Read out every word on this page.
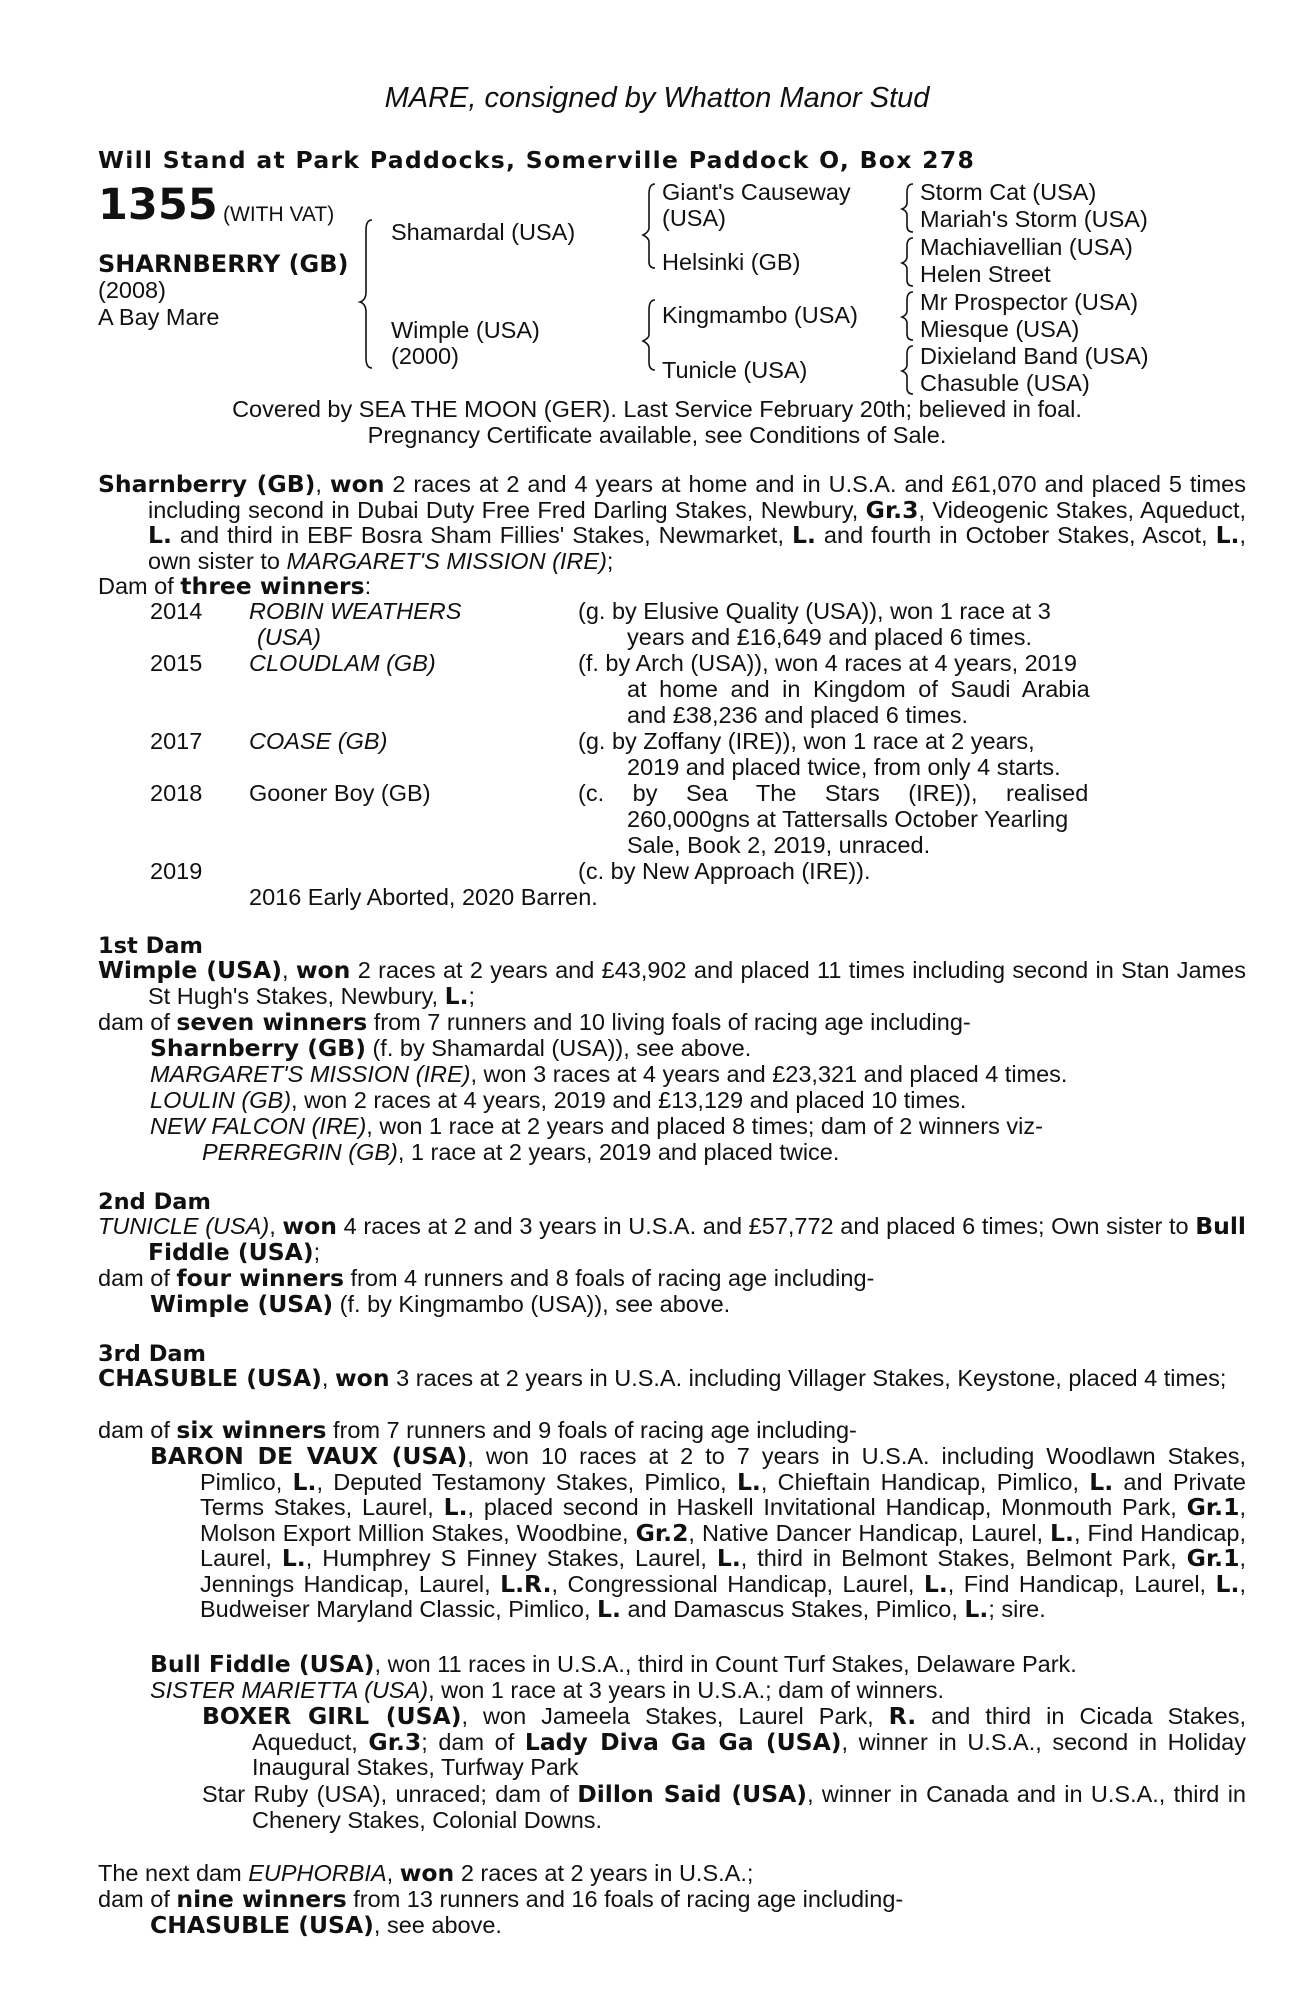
MARE, consigned by Whatton Manor Stud
Will Stand at Park Paddocks, Somerville Paddock O, Box 278
1355 (WITH VAT)
SHARNBERRY (GB)
(2008)
A Bay Mare
Shamardal (USA)
Wimple (USA)
(2000)
Giant's Causeway
(USA)
Helsinki (GB)
Kingmambo (USA)
Tunicle (USA)
Storm Cat (USA)
Mariah's Storm (USA)
Machiavellian (USA)
Helen Street
Mr Prospector (USA)
Miesque (USA)
Dixieland Band (USA)
Chasuble (USA)
Covered by SEA THE MOON (GER). Last Service February 20th; believed in foal.
Pregnancy Certificate available, see Conditions of Sale.
Sharnberry (GB), won 2 races at 2 and 4 years at home and in U.S.A. and £61,070 and placed 5 times including second in Dubai Duty Free Fred Darling Stakes, Newbury, Gr.3, Videogenic Stakes, Aqueduct, L. and third in EBF Bosra Sham Fillies' Stakes, Newmarket, L. and fourth in October Stakes, Ascot, L., own sister to MARGARET'S MISSION (IRE);
Dam of three winners:
2014 ROBIN WEATHERS
(USA)
(g. by Elusive Quality (USA)), won 1 race at 3
years and £16,649 and placed 6 times.
2015 CLOUDLAM (GB)	(f. by Arch (USA)), won 4 races at 4 years, 2019
at home and in Kingdom of Saudi Arabia
and £38,236 and placed 6 times.
2017 COASE (GB)	(g. by Zoffany (IRE)), won 1 race at 2 years,
2019 and placed twice, from only 4 starts.
2018 Gooner Boy (GB)	(c. by Sea The Stars (IRE)), realised
260,000gns at Tattersalls October Yearling
Sale, Book 2, 2019, unraced.
2019	(c. by New Approach (IRE)).
2016 Early Aborted, 2020 Barren.
1st Dam
Wimple (USA), won 2 races at 2 years and £43,902 and placed 11 times including second in Stan James St Hugh's Stakes, Newbury, L.;
dam of seven winners from 7 runners and 10 living foals of racing age including-
Sharnberry (GB) (f. by Shamardal (USA)), see above.
MARGARET'S MISSION (IRE), won 3 races at 4 years and £23,321 and placed 4 times.
LOULIN (GB), won 2 races at 4 years, 2019 and £13,129 and placed 10 times.
NEW FALCON (IRE), won 1 race at 2 years and placed 8 times; dam of 2 winners viz-
PERREGRIN (GB), 1 race at 2 years, 2019 and placed twice.
2nd Dam
TUNICLE (USA), won 4 races at 2 and 3 years in U.S.A. and £57,772 and placed 6 times; Own sister to Bull Fiddle (USA);
dam of four winners from 4 runners and 8 foals of racing age including-
Wimple (USA) (f. by Kingmambo (USA)), see above.
3rd Dam
CHASUBLE (USA), won 3 races at 2 years in U.S.A. including Villager Stakes, Keystone, placed 4 times;
dam of six winners from 7 runners and 9 foals of racing age including-
BARON DE VAUX (USA), won 10 races at 2 to 7 years in U.S.A. including Woodlawn Stakes, Pimlico, L., Deputed Testamony Stakes, Pimlico, L., Chieftain Handicap, Pimlico, L. and Private Terms Stakes, Laurel, L., placed second in Haskell Invitational Handicap, Monmouth Park, Gr.1, Molson Export Million Stakes, Woodbine, Gr.2, Native Dancer Handicap, Laurel, L., Find Handicap, Laurel, L., Humphrey S Finney Stakes, Laurel, L., third in Belmont Stakes, Belmont Park, Gr.1, Jennings Handicap, Laurel, L.R., Congressional Handicap, Laurel, L., Find Handicap, Laurel, L., Budweiser Maryland Classic, Pimlico, L. and Damascus Stakes, Pimlico, L.; sire.
Bull Fiddle (USA), won 11 races in U.S.A., third in Count Turf Stakes, Delaware Park.
SISTER MARIETTA (USA), won 1 race at 3 years in U.S.A.; dam of winners.
BOXER GIRL (USA), won Jameela Stakes, Laurel Park, R. and third in Cicada Stakes, Aqueduct, Gr.3; dam of Lady Diva Ga Ga (USA), winner in U.S.A., second in Holiday Inaugural Stakes, Turfway Park
Star Ruby (USA), unraced; dam of Dillon Said (USA), winner in Canada and in U.S.A., third in Chenery Stakes, Colonial Downs.
The next dam EUPHORBIA, won 2 races at 2 years in U.S.A.;
dam of nine winners from 13 runners and 16 foals of racing age including-
CHASUBLE (USA), see above.
